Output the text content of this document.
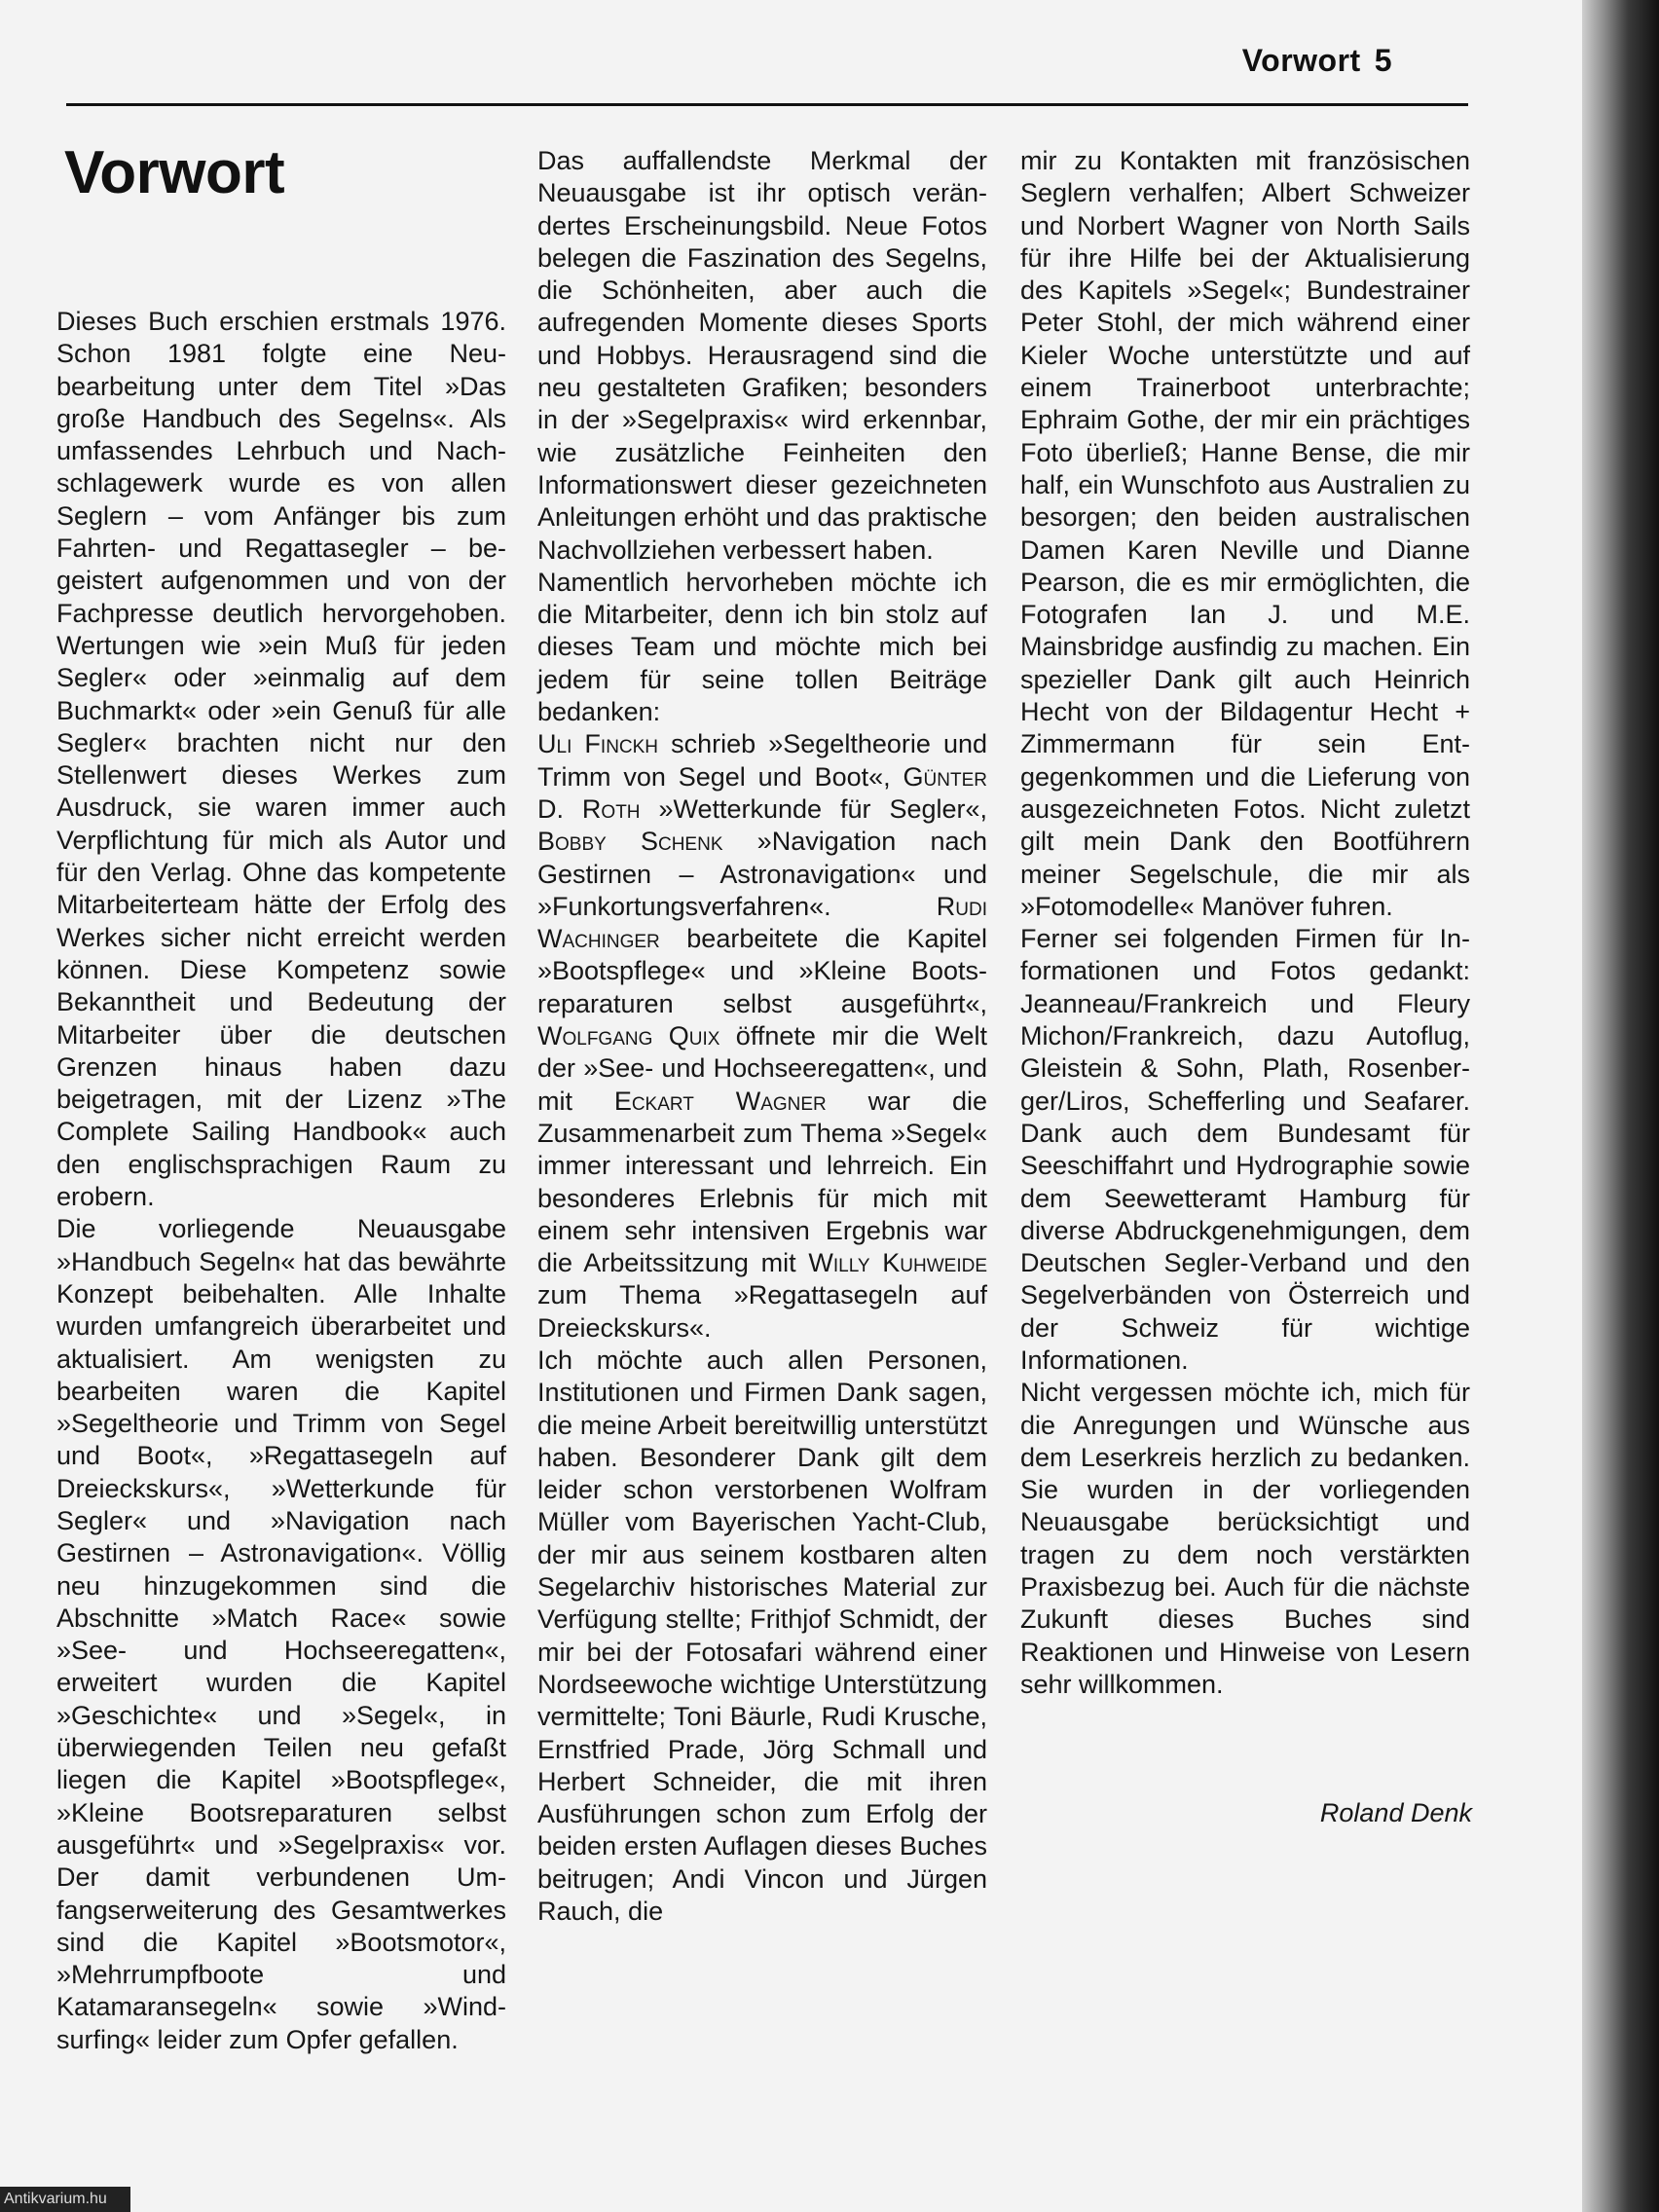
Vorwort 5
Vorwort

Dieses Buch erschien erstmals 1976. Schon 1981 folgte eine Neubearbeitung unter dem Titel »Das große Handbuch des Segelns«. Als umfassendes Lehrbuch und Nachschlagewerk wurde es von allen Seglern – vom Anfänger bis zum Fahrten- und Regattasegler – begeistert aufgenommen und von der Fachpresse deutlich hervorgehoben. Wertungen wie »ein Muß für jeden Segler« oder »einmalig auf dem Buchmarkt« oder »ein Genuß für alle Segler« brachten nicht nur den Stellenwert dieses Werkes zum Ausdruck, sie waren immer auch Verpflichtung für mich als Autor und für den Verlag. Ohne das kompetente Mitarbeiterteam hätte der Erfolg des Werkes sicher nicht erreicht werden können. Diese Kompetenz sowie Bekanntheit und Bedeutung der Mitarbeiter über die deutschen Grenzen hinaus haben dazu beigetragen, mit der Lizenz »The Complete Sailing Handbook« auch den englischsprachigen Raum zu erobern.

Die vorliegende Neuausgabe »Handbuch Segeln« hat das bewährte Konzept beibehalten. Alle Inhalte wurden umfangreich überarbeitet und aktualisiert. Am wenigsten zu bearbeiten waren die Kapitel »Segeltheorie und Trimm von Segel und Boot«, »Regattasegeln auf Dreieckskurs«, »Wetterkunde für Segler« und »Navigation nach Gestirnen – Astronavigation«. Völlig neu hinzugekommen sind die Abschnitte »Match Race« sowie »See- und Hochseeregatten«, erweitert wurden die Kapitel »Geschichte« und »Segel«, in überwiegenden Teilen neu gefaßt liegen die Kapitel »Bootspflege«, »Kleine Bootsreparaturen selbst ausgeführt« und »Segelpraxis« vor. Der damit verbundenen Umfangserweiterung des Gesamtwerkes sind die Kapitel »Bootsmotor«, »Mehrrumpfboote und Katamaransegeln« sowie »Windsurfing« leider zum Opfer gefallen.

Das auffallendste Merkmal der Neuausgabe ist ihr optisch verändertes Erscheinungsbild. Neue Fotos belegen die Faszination des Segelns, die Schönheiten, aber auch die aufregenden Momente dieses Sports und Hobbys. Herausragend sind die neu gestalteten Grafiken; besonders in der »Segelpraxis« wird erkennbar, wie zusätzliche Feinheiten den Informationswert dieser gezeichneten Anleitungen erhöht und das praktische Nachvollziehen verbessert haben.

Namentlich hervorheben möchte ich die Mitarbeiter, denn ich bin stolz auf dieses Team und möchte mich bei jedem für seine tollen Beiträge bedanken:

Uli Finckh schrieb »Segeltheorie und Trimm von Segel und Boot«, Günter D. Roth »Wetterkunde für Segler«, Bobby Schenk »Navigation nach Gestirnen – Astronavigation« und »Funkortungsverfahren«. Rudi Wachinger bearbeitete die Kapitel »Bootspflege« und »Kleine Bootsreparaturen selbst ausgeführt«, Wolfgang Quix öffnete mir die Welt der »See- und Hochseeregatten«, und mit Eckart Wagner war die Zusammenarbeit zum Thema »Segel« immer interessant und lehrreich. Ein besonderes Erlebnis für mich mit einem sehr intensiven Ergebnis war die Arbeitssitzung mit Willy Kuhweide zum Thema »Regattasegeln auf Dreieckskurs«.

Ich möchte auch allen Personen, Institutionen und Firmen Dank sagen, die meine Arbeit bereitwillig unterstützt haben. Besonderer Dank gilt dem leider schon verstorbenen Wolfram Müller vom Bayerischen Yacht-Club, der mir aus seinem kostbaren alten Segelarchiv historisches Material zur Verfügung stellte; Frithjof Schmidt, der mir bei der Fotosafari während einer Nordseewoche wichtige Unterstützung vermittelte; Toni Bäurle, Rudi Krusche, Ernstfried Prade, Jörg Schmall und Herbert Schneider, die mit ihren Ausführungen schon zum Erfolg der beiden ersten Auflagen dieses Buches beitrugen; Andi Vincon und Jürgen Rauch, die

mir zu Kontakten mit französischen Seglern verhalfen; Albert Schweizer und Norbert Wagner von North Sails für ihre Hilfe bei der Aktualisierung des Kapitels »Segel«; Bundestrainer Peter Stohl, der mich während einer Kieler Woche unterstützte und auf einem Trainerboot unterbrachte; Ephraim Gothe, der mir ein prächtiges Foto überließ; Hanne Bense, die mir half, ein Wunschfoto aus Australien zu besorgen; den beiden australischen Damen Karen Neville und Dianne Pearson, die es mir ermöglichten, die Fotografen Ian J. und M.E. Mainsbridge ausfindig zu machen. Ein spezieller Dank gilt auch Heinrich Hecht von der Bildagentur Hecht + Zimmermann für sein Entgegenkommen und die Lieferung von ausgezeichneten Fotos. Nicht zuletzt gilt mein Dank den Bootführern meiner Segelschule, die mir als »Fotomodelle« Manöver fuhren.

Ferner sei folgenden Firmen für Informationen und Fotos gedankt: Jeanneau/Frankreich und Fleury Michon/Frankreich, dazu Autoflug, Gleistein & Sohn, Plath, Rosenberger/Liros, Schefferling und Seafarer. Dank auch dem Bundesamt für Seeschiffahrt und Hydrographie sowie dem Seewetteramt Hamburg für diverse Abdruckgenehmigungen, dem Deutschen Segler-Verband und den Segelverbänden von Österreich und der Schweiz für wichtige Informationen.

Nicht vergessen möchte ich, mich für die Anregungen und Wünsche aus dem Leserkreis herzlich zu bedanken. Sie wurden in der vorliegenden Neuausgabe berücksichtigt und tragen zu dem noch verstärkten Praxisbezug bei. Auch für die nächste Zukunft dieses Buches sind Reaktionen und Hinweise von Lesern sehr willkommen.

Roland Denk
Antikvarium.hu
